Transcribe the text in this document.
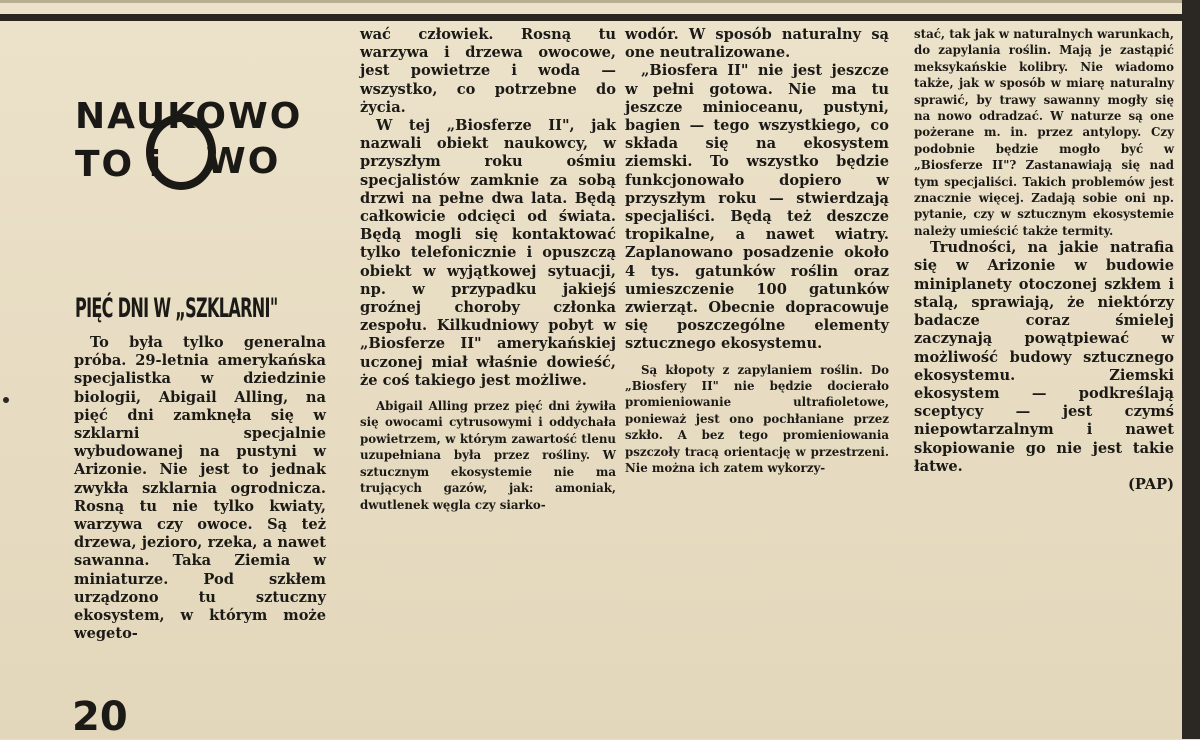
NAUKOWO
TO i WO
PIĘĆ DNI W „SZKLARNI"

To była tylko generalna próba. 29-letnia amerykańska specjalistka w dziedzinie biologii, Abigail Alling, na pięć dni zamknęła się w szklarni specjalnie wybudowanej na pustyni w Arizonie. Nie jest to jednak zwykła szklarnia ogrodnicza. Rosną tu nie tylko kwiaty, warzywa czy owoce. Są też drzewa, jezioro, rzeka, a nawet sawanna. Taka Ziemia w miniaturze. Pod szkłem urządzono tu sztuczny ekosystem, w którym może wegeto-

wać człowiek. Rosną tu warzywa i drzewa owocowe, jest powietrze i woda — wszystko, co potrzebne do życia.

W tej „Biosferze II", jak nazwali obiekt naukowcy, w przyszłym roku ośmiu specjalistów zamknie za sobą drzwi na pełne dwa lata. Będą całkowicie odcięci od świata. Będą mogli się kontaktować tylko telefonicznie i opuszczą obiekt w wyjątkowej sytuacji, np. w przypadku jakiejś groźnej choroby członka zespołu. Kilkudniowy pobyt w „Biosferze II" amerykańskiej uczonej miał właśnie dowieść, że coś takiego jest możliwe.

Abigail Alling przez pięć dni żywiła się owocami cytrusowymi i oddychała powietrzem, w którym zawartość tlenu uzupełniana była przez rośliny. W sztucznym ekosystemie nie ma trujących gazów, jak: amoniak, dwutlenek węgla czy siarko-

wodór. W sposób naturalny są one neutralizowane.

„Biosfera II" nie jest jeszcze w pełni gotowa. Nie ma tu jeszcze minioceanu, pustyni, bagien — tego wszystkiego, co składa się na ekosystem ziemski. To wszystko będzie funkcjonowało dopiero w przyszłym roku — stwierdzają specjaliści. Będą też deszcze tropikalne, a nawet wiatry. Zaplanowano posadzenie około 4 tys. gatunków roślin oraz umieszczenie 100 gatunków zwierząt. Obecnie dopracowuje się poszczególne elementy sztucznego ekosystemu.

Są kłopoty z zapylaniem roślin. Do „Biosfery II" nie będzie docierało promieniowanie ultrafioletowe, ponieważ jest ono pochłaniane przez szkło. A bez tego promieniowania pszczoły tracą orientację w przestrzeni. Nie można ich zatem wykorzy-

stać, tak jak w naturalnych warunkach, do zapylania roślin. Mają je zastąpić meksykańskie kolibry. Nie wiadomo także, jak w sposób w miarę naturalny sprawić, by trawy sawanny mogły się na nowo odradzać. W naturze są one pożerane m. in. przez antylopy. Czy podobnie będzie mogło być w „Biosferze II"? Zastanawiają się nad tym specjaliści. Takich problemów jest znacznie więcej. Zadają sobie oni np. pytanie, czy w sztucznym ekosystemie należy umieścić także termity.

Trudności, na jakie natrafia się w Arizonie w budowie miniplanety otoczonej szkłem i stalą, sprawiają, że niektórzy badacze coraz śmielej zaczynają powątpiewać w możliwość budowy sztucznego ekosystemu. Ziemski ekosystem — podkreślają sceptycy — jest czymś niepowtarzalnym i nawet skopiowanie go nie jest takie łatwe.

(PAP)

20
